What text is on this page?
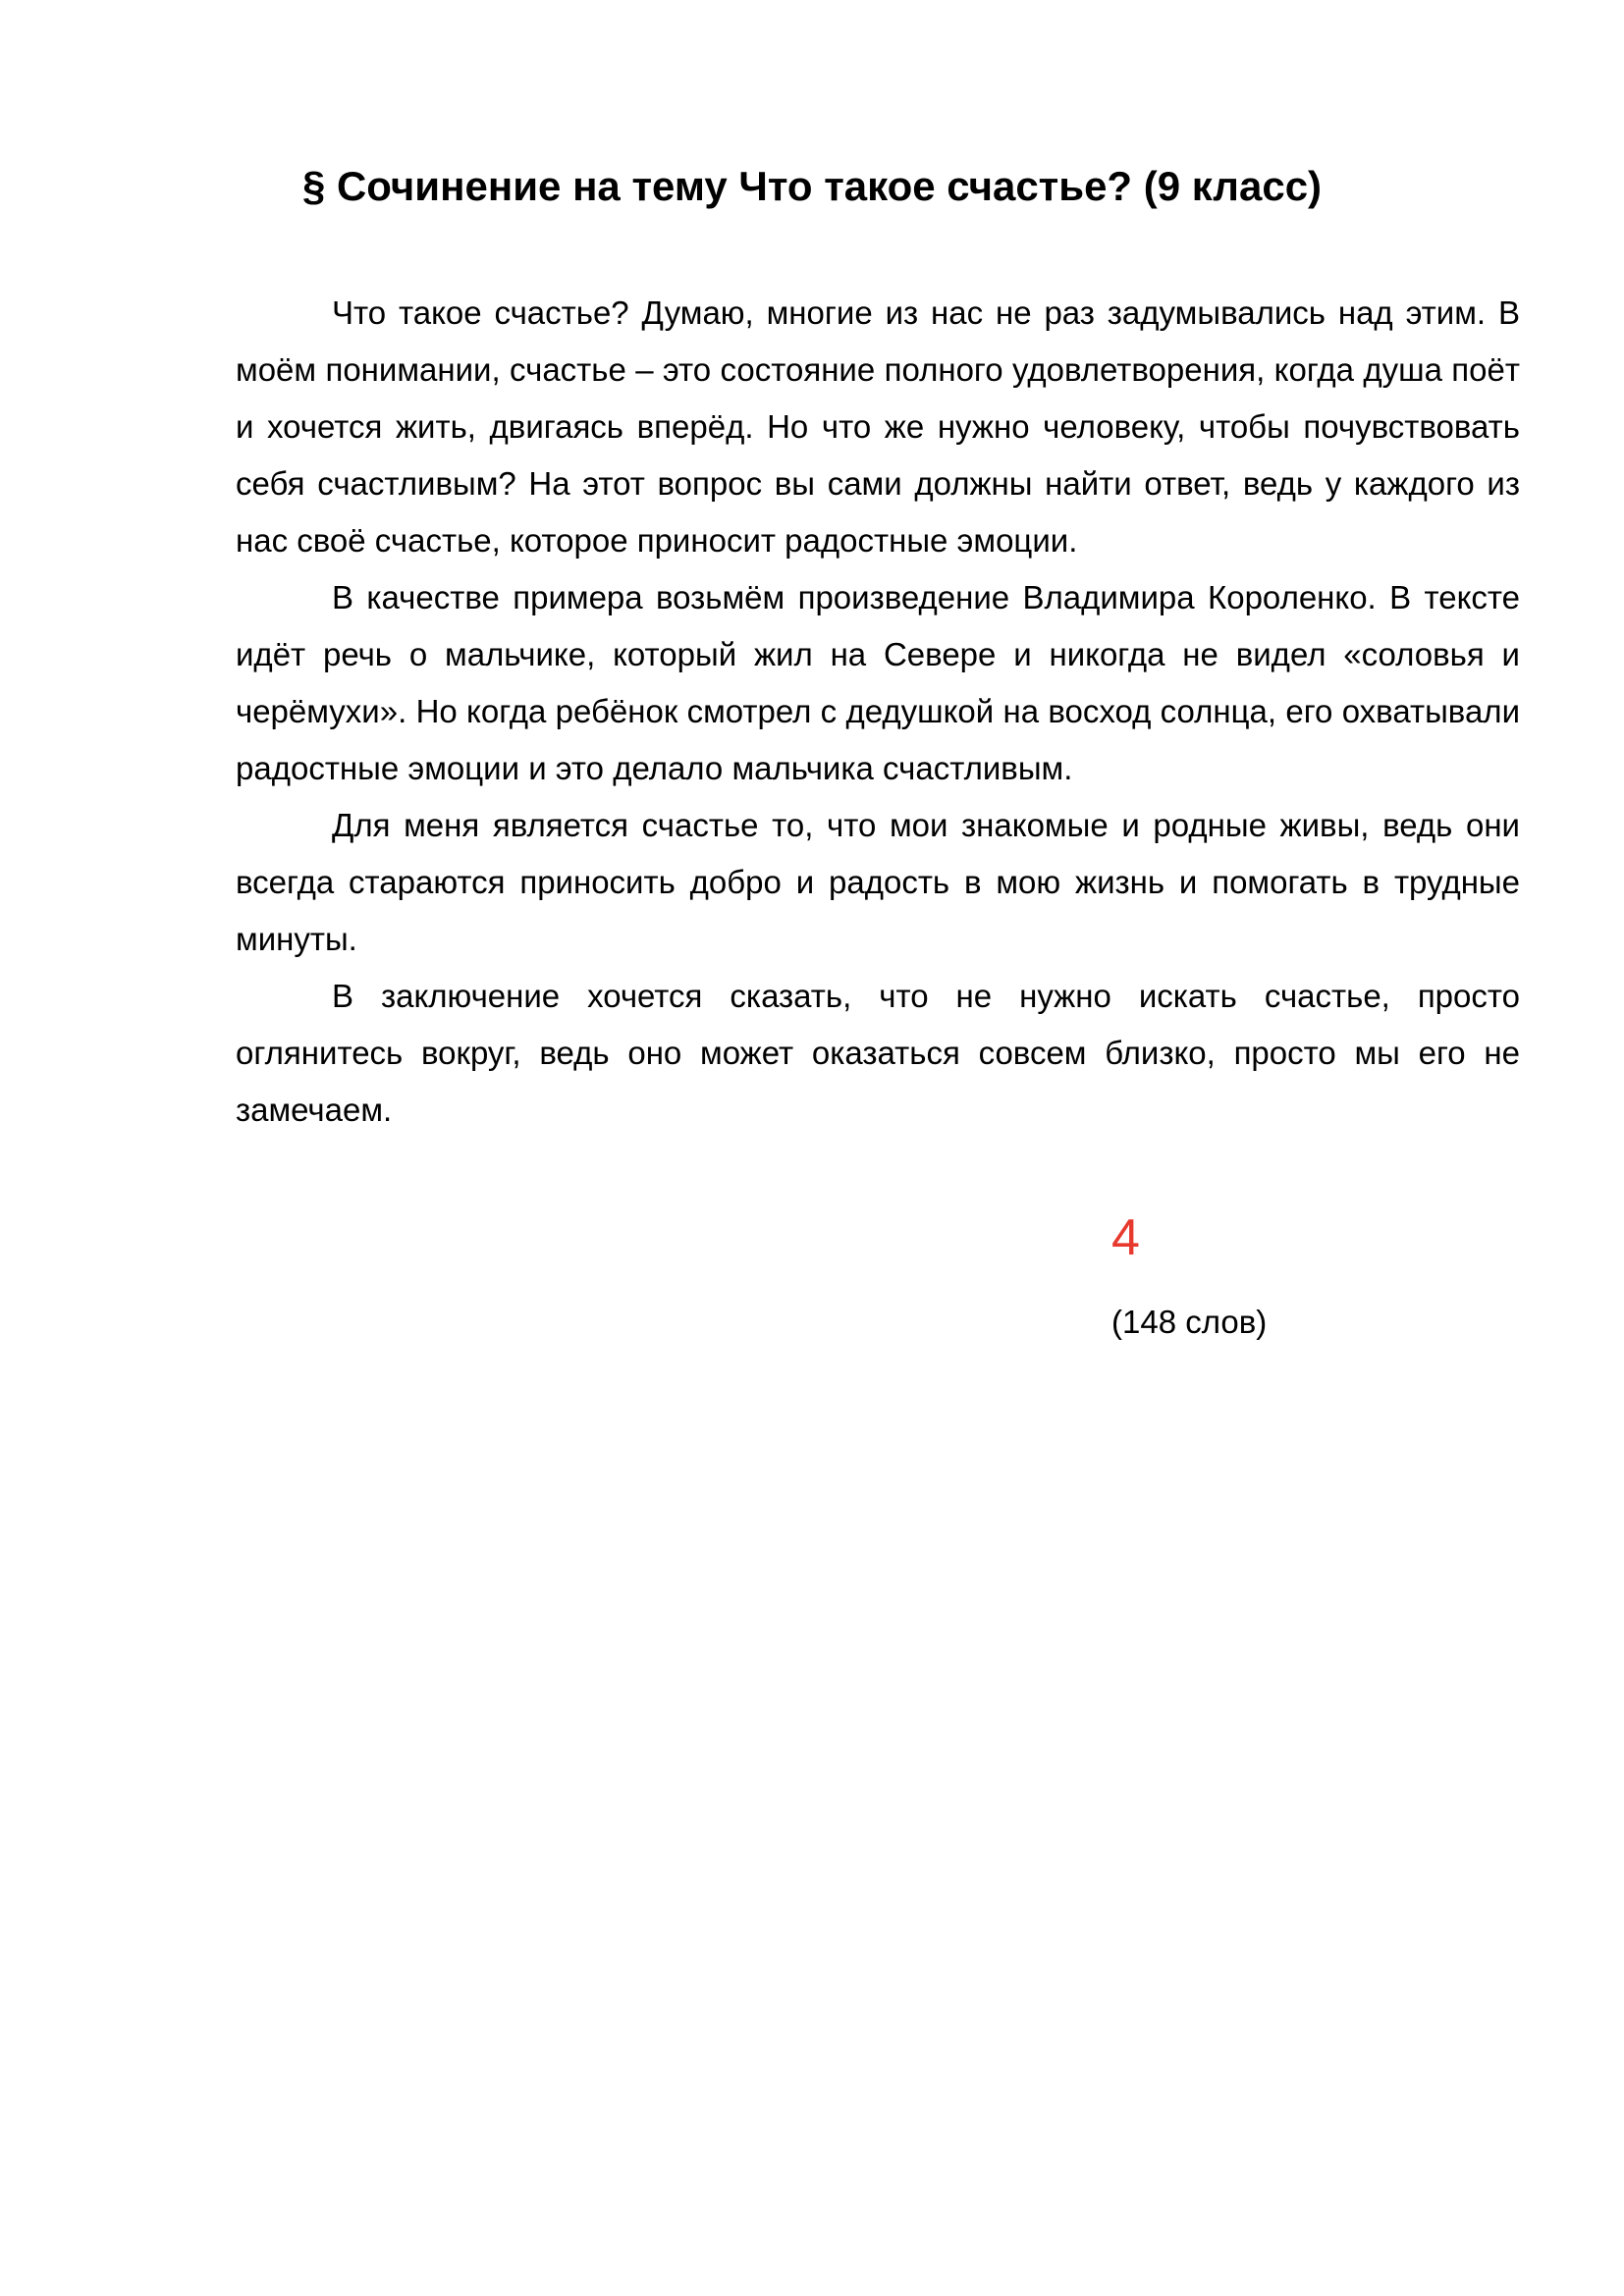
§ Сочинение на тему Что такое счастье? (9 класс)

Что такое счастье? Думаю, многие из нас не раз задумывались над этим. В моём понимании, счастье – это состояние полного удовлетворения, когда душа поёт и хочется жить, двигаясь вперёд. Но что же нужно человеку, чтобы почувствовать себя счастливым? На этот вопрос вы сами должны найти ответ, ведь у каждого из нас своё счастье, которое приносит радостные эмоции.

В качестве примера возьмём произведение Владимира Короленко. В тексте идёт речь о мальчике, который жил на Севере и никогда не видел «соловья и черёмухи». Но когда ребёнок смотрел с дедушкой на восход солнца, его охватывали радостные эмоции и это делало мальчика счастливым.

Для меня является счастье то, что мои знакомые и родные живы, ведь они всегда стараются приносить добро и радость в мою жизнь и помогать в трудные минуты.

В заключение хочется сказать, что не нужно искать счастье, просто оглянитесь вокруг, ведь оно может оказаться совсем близко, просто мы его не замечаем.

4
(148 слов)
